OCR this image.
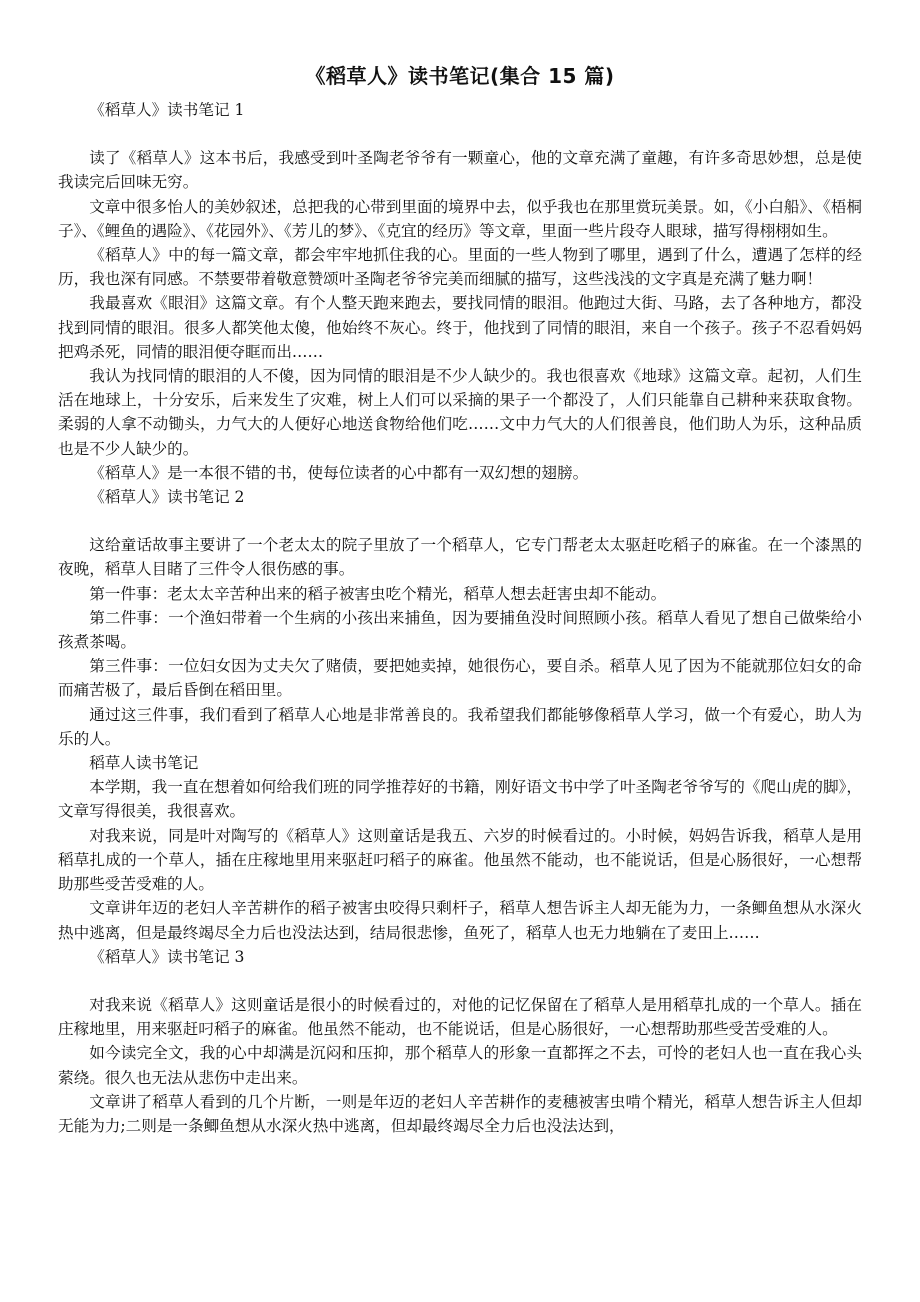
《稻草人》读书笔记(集合 15 篇)
《稻草人》读书笔记 1
读了《稻草人》这本书后，我感受到叶圣陶老爷爷有一颗童心，他的文章充满了童趣，有许多奇思妙想，总是使我读完后回味无穷。
文章中很多怡人的美妙叙述，总把我的心带到里面的境界中去，似乎我也在那里赏玩美景。如，《小白船》、《梧桐子》、《鲤鱼的遇险》、《花园外》、《芳儿的梦》、《克宜的经历》等文章，里面一些片段夺人眼球，描写得栩栩如生。
《稻草人》中的每一篇文章，都会牢牢地抓住我的心。里面的一些人物到了哪里，遇到了什么，遭遇了怎样的经历，我也深有同感。不禁要带着敬意赞颂叶圣陶老爷爷完美而细腻的描写，这些浅浅的文字真是充满了魅力啊！
我最喜欢《眼泪》这篇文章。有个人整天跑来跑去，要找同情的眼泪。他跑过大街、马路，去了各种地方，都没找到同情的眼泪。很多人都笑他太傻，他始终不灰心。终于，他找到了同情的眼泪，来自一个孩子。孩子不忍看妈妈把鸡杀死，同情的眼泪便夺眶而出……
我认为找同情的眼泪的人不傻，因为同情的眼泪是不少人缺少的。我也很喜欢《地球》这篇文章。起初，人们生活在地球上，十分安乐，后来发生了灾难，树上人们可以采摘的果子一个都没了，人们只能靠自己耕种来获取食物。柔弱的人拿不动锄头，力气大的人便好心地送食物给他们吃……文中力气大的人们很善良，他们助人为乐，这种品质也是不少人缺少的。
《稻草人》是一本很不错的书，使每位读者的心中都有一双幻想的翅膀。
《稻草人》读书笔记 2
这给童话故事主要讲了一个老太太的院子里放了一个稻草人，它专门帮老太太驱赶吃稻子的麻雀。在一个漆黑的夜晚，稻草人目睹了三件令人很伤感的事。
第一件事：老太太辛苦种出来的稻子被害虫吃个精光，稻草人想去赶害虫却不能动。
第二件事：一个渔妇带着一个生病的小孩出来捕鱼，因为要捕鱼没时间照顾小孩。稻草人看见了想自己做柴给小孩煮茶喝。
第三件事：一位妇女因为丈夫欠了赌债，要把她卖掉，她很伤心，要自杀。稻草人见了因为不能就那位妇女的命而痛苦极了，最后昏倒在稻田里。
通过这三件事，我们看到了稻草人心地是非常善良的。我希望我们都能够像稻草人学习，做一个有爱心，助人为乐的人。
稻草人读书笔记
本学期，我一直在想着如何给我们班的同学推荐好的书籍，刚好语文书中学了叶圣陶老爷爷写的《爬山虎的脚》，文章写得很美，我很喜欢。
对我来说，同是叶对陶写的《稻草人》这则童话是我五、六岁的时候看过的。小时候，妈妈告诉我，稻草人是用稻草扎成的一个草人，插在庄稼地里用来驱赶叼稻子的麻雀。他虽然不能动，也不能说话，但是心肠很好，一心想帮助那些受苦受难的人。
文章讲年迈的老妇人辛苦耕作的稻子被害虫咬得只剩杆子，稻草人想告诉主人却无能为力，一条鲫鱼想从水深火热中逃离，但是最终竭尽全力后也没法达到，结局很悲惨，鱼死了，稻草人也无力地躺在了麦田上……
《稻草人》读书笔记 3
对我来说《稻草人》这则童话是很小的时候看过的，对他的记忆保留在了稻草人是用稻草扎成的一个草人。插在庄稼地里，用来驱赶叼稻子的麻雀。他虽然不能动，也不能说话，但是心肠很好，一心想帮助那些受苦受难的人。
如今读完全文，我的心中却满是沉闷和压抑，那个稻草人的形象一直都挥之不去，可怜的老妇人也一直在我心头萦绕。很久也无法从悲伤中走出来。
文章讲了稻草人看到的几个片断，一则是年迈的老妇人辛苦耕作的麦穗被害虫啃个精光，稻草人想告诉主人但却无能为力;二则是一条鲫鱼想从水深火热中逃离，但却最终竭尽全力后也没法达到，
